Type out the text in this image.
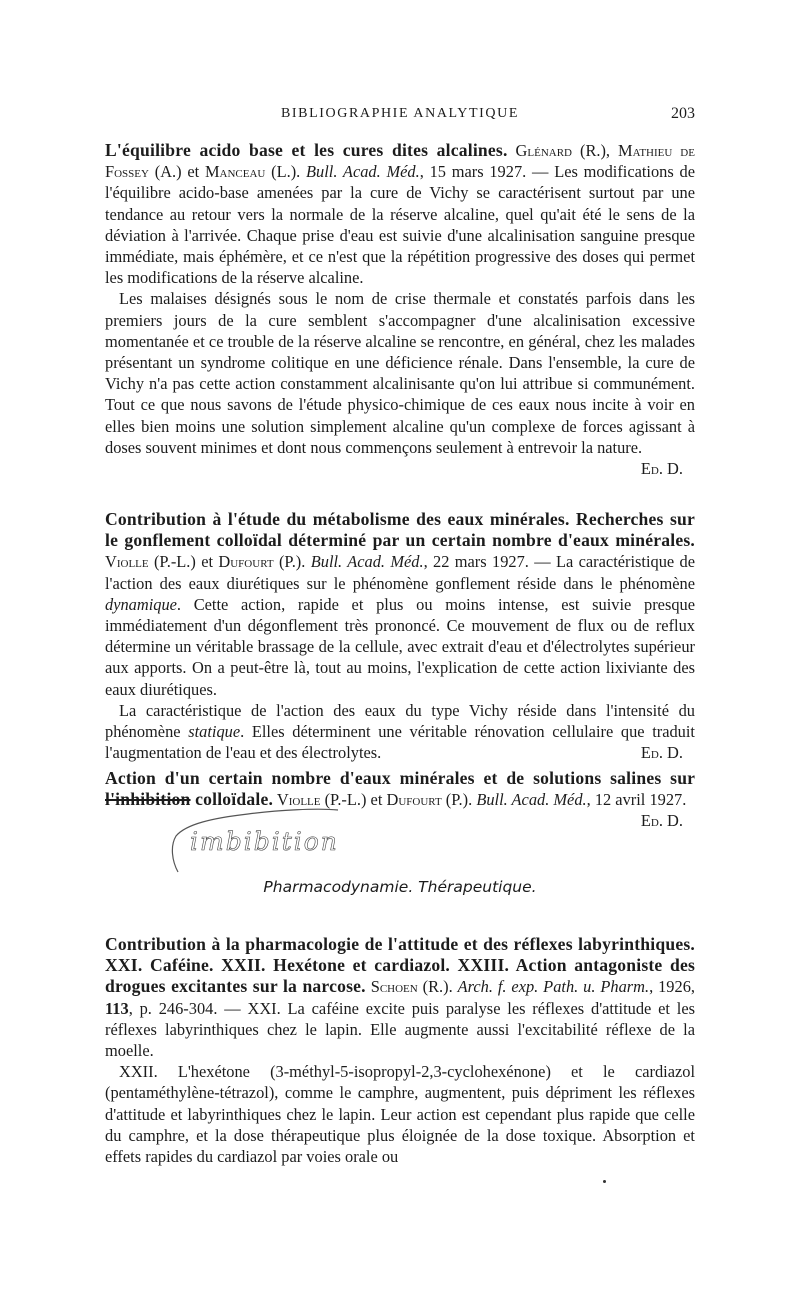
BIBLIOGRAPHIE ANALYTIQUE	203

L'équilibre acido base et les cures dites alcalines. Glénard (R.), Mathieu de Fossey (A.) et Manceau (L.). Bull. Acad. Méd., 15 mars 1927. — Les modifications de l'équilibre acido-base amenées par la cure de Vichy se caractérisent surtout par une tendance au retour vers la normale de la réserve alcaline, quel qu'ait été le sens de la déviation à l'arrivée. Chaque prise d'eau est suivie d'une alcalinisation sanguine presque immédiate, mais éphémère, et ce n'est que la répétition progressive des doses qui permet les modifications de la réserve alcaline.

Les malaises désignés sous le nom de crise thermale et constatés parfois dans les premiers jours de la cure semblent s'accompagner d'une alcalinisation excessive momentanée et ce trouble de la réserve alcaline se rencontre, en général, chez les malades présentant un syndrome colitique en une déficience rénale. Dans l'ensemble, la cure de Vichy n'a pas cette action constamment alcalinisante qu'on lui attribue si communément. Tout ce que nous savons de l'étude physico-chimique de ces eaux nous incite à voir en elles bien moins une solution simplement alcaline qu'un complexe de forces agissant à doses souvent minimes et dont nous commençons seulement à entrevoir la nature.
Ed. D.

Contribution à l'étude du métabolisme des eaux minérales. Recherches sur le gonflement colloïdal déterminé par un certain nombre d'eaux minérales. Violle (P.-L.) et Dufourt (P.). Bull. Acad. Méd., 22 mars 1927. — La caractéristique de l'action des eaux diurétiques sur le phénomène gonflement réside dans le phénomène dynamique. Cette action, rapide et plus ou moins intense, est suivie presque immédiatement d'un dégonflement très prononcé. Ce mouvement de flux ou de reflux détermine un véritable brassage de la cellule, avec extrait d'eau et d'électrolytes supérieur aux apports. On a peut-être là, tout au moins, l'explication de cette action lixiviante des eaux diurétiques.

La caractéristique de l'action des eaux du type Vichy réside dans l'intensité du phénomène statique. Elles déterminent une véritable rénovation cellulaire que traduit l'augmentation de l'eau et des électrolytes.	Ed. D.

Action d'un certain nombre d'eaux minérales et de solutions salines sur l'inhibition colloïdale. Violle (P.-L.) et Dufourt (P.). Bull. Acad. Méd., 12 avril 1927.
Ed. D.

imbibition
Pharmacodynamie. Thérapeutique.

Contribution à la pharmacologie de l'attitude et des réflexes labyrinthiques. XXI. Caféine. XXII. Hexétone et cardiazol. XXIII. Action antagoniste des drogues excitantes sur la narcose. Schoen (R.). Arch. f. exp. Path. u. Pharm., 1926, 113, p. 246-304. — XXI. La caféine excite puis paralyse les réflexes d'attitude et les réflexes labyrinthiques chez le lapin. Elle augmente aussi l'excitabilité réflexe de la moelle.

XXII. L'hexétone (3-méthyl-5-isopropyl-2,3-cyclohexénone) et le cardiazol (pentaméthylène-tétrazol), comme le camphre, augmentent, puis dépriment les réflexes d'attitude et labyrinthiques chez le lapin. Leur action est cependant plus rapide que celle du camphre, et la dose thérapeutique plus éloignée de la dose toxique. Absorption et effets rapides du cardiazol par voies orale ou
